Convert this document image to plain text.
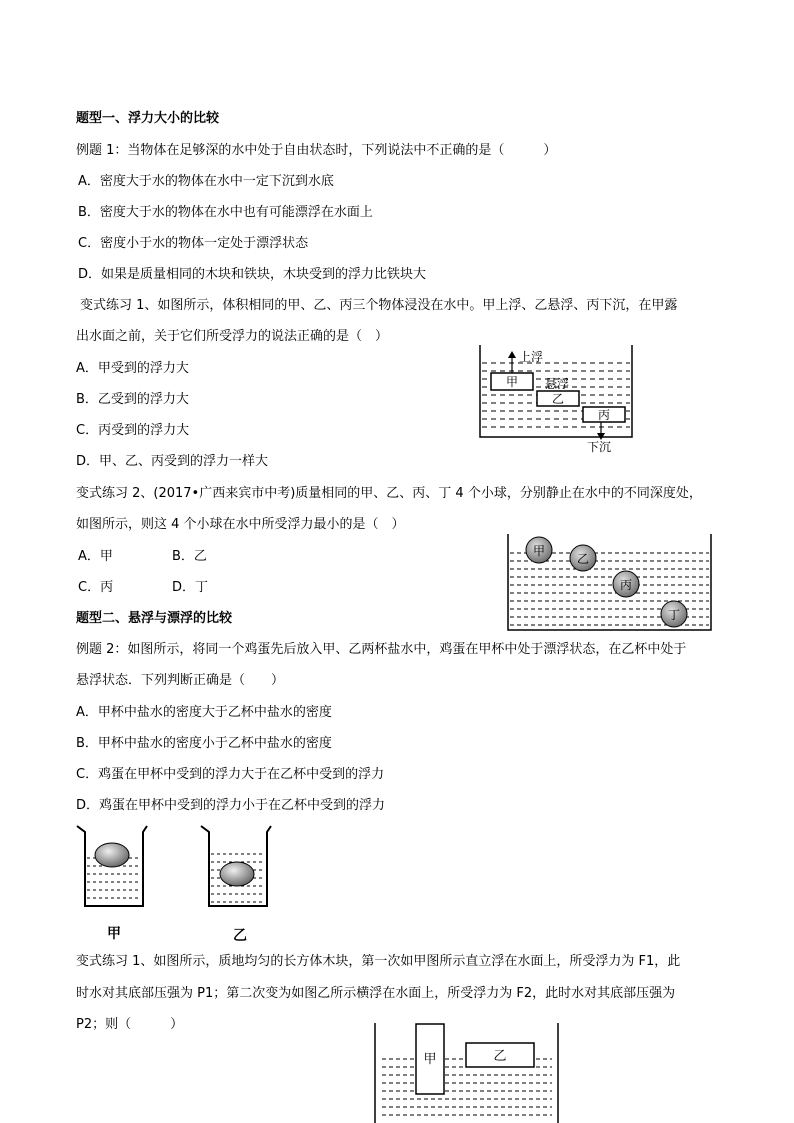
题型一、浮力大小的比较
例题 1：当物体在足够深的水中处于自由状态时，下列说法中不正确的是（　　　）
A．密度大于水的物体在水中一定下沉到水底
B．密度大于水的物体在水中也有可能漂浮在水面上
C．密度小于水的物体一定处于漂浮状态
D．如果是质量相同的木块和铁块，木块受到的浮力比铁块大
变式练习 1、如图所示，体积相同的甲、乙、丙三个物体浸没在水中。甲上浮、乙悬浮、丙下沉，在甲露
出水面之前，关于它们所受浮力的说法正确的是（　）
A．甲受到的浮力大
B．乙受到的浮力大
C．丙受到的浮力大
D．甲、乙、丙受到的浮力一样大
甲
上浮
乙
悬浮
丙
下沉
变式练习 2、(2017•广西来宾市中考)质量相同的甲、乙、丙、丁 4 个小球，分别静止在水中的不同深度处，
如图所示，则这 4 个小球在水中所受浮力最小的是（　）
A．甲	B．乙
C．丙	D．丁
甲
乙
丙
丁
题型二、悬浮与漂浮的比较
例题 2：如图所示，将同一个鸡蛋先后放入甲、乙两杯盐水中，鸡蛋在甲杯中处于漂浮状态，在乙杯中处于
悬浮状态．下列判断正确是（　　）
A．甲杯中盐水的密度大于乙杯中盐水的密度
B．甲杯中盐水的密度小于乙杯中盐水的密度
C．鸡蛋在甲杯中受到的浮力大于在乙杯中受到的浮力
D．鸡蛋在甲杯中受到的浮力小于在乙杯中受到的浮力
甲	乙
变式练习 1、如图所示，质地均匀的长方体木块，第一次如甲图所示直立浮在水面上，所受浮力为 F1，此
时水对其底部压强为 P1；第二次变为如图乙所示横浮在水面上，所受浮力为 F2，此时水对其底部压强为
P2；则（　　　）
甲	乙
